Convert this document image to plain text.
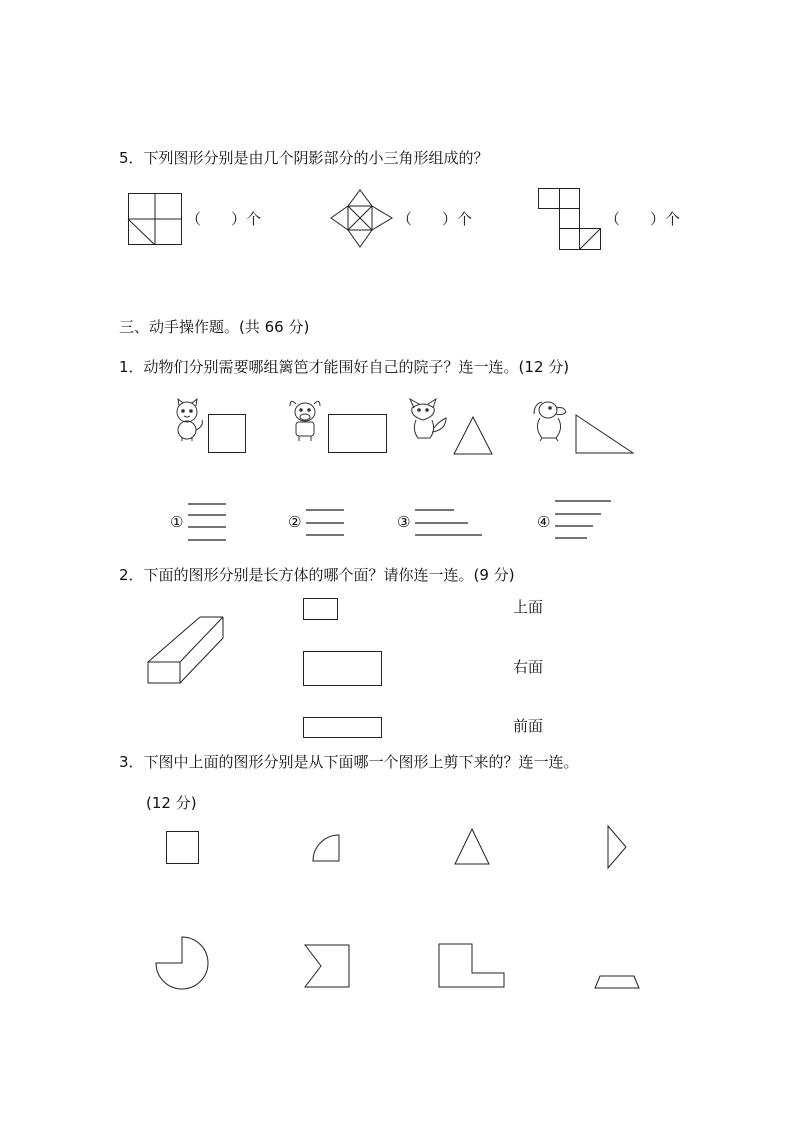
5．下列图形分别是由几个阴影部分的小三角形组成的？
（　　）个	（　　）个	（　　）个
三、动手操作题。(共 66 分)
1．动物们分别需要哪组篱笆才能围好自己的院子？连一连。(12 分)
①	②	③	④
2．下面的图形分别是长方体的哪个面？请你连一连。(9 分)
上面
右面
前面
3．下图中上面的图形分别是从下面哪一个图形上剪下来的？连一连。
(12 分)
